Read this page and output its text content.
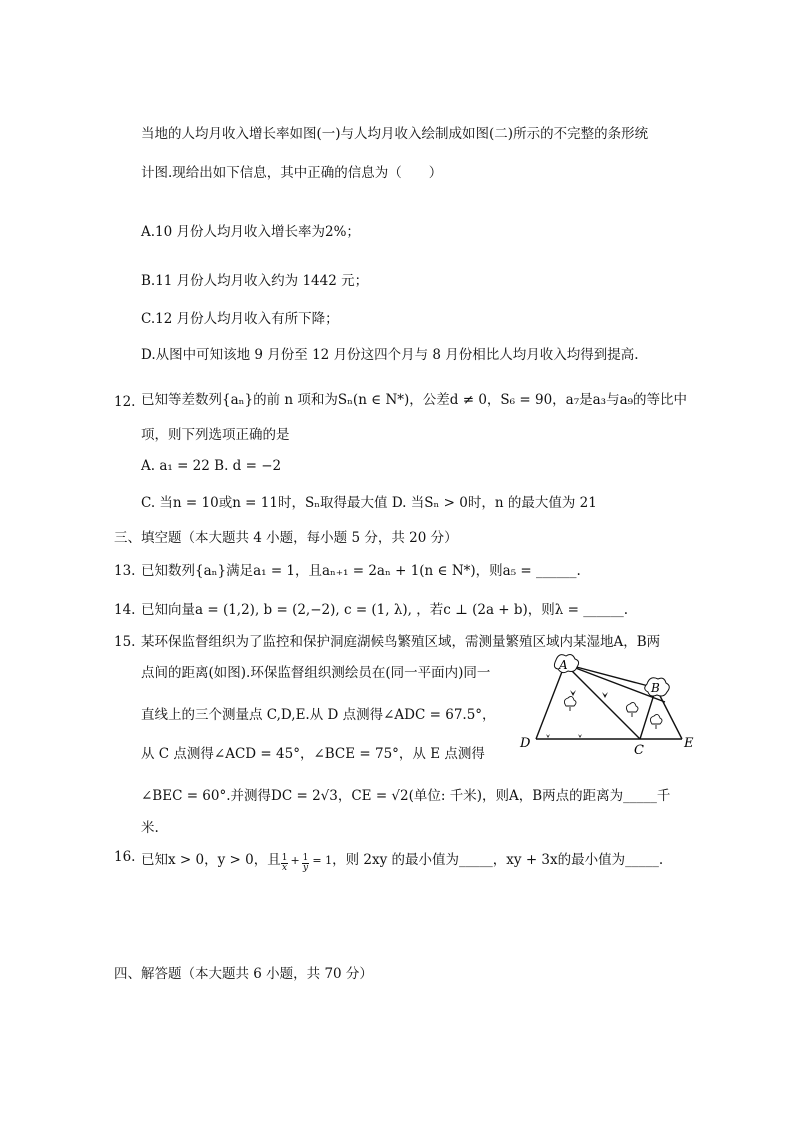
当地的人均月收入增长率如图(一)与人均月收入绘制成如图(二)所示的不完整的条形统
计图.现给出如下信息，其中正确的信息为（　　）
A.10 月份人均月收入增长率为2%；
B.11 月份人均月收入约为 1442 元；
C.12 月份人均月收入有所下降；
D.从图中可知该地 9 月份至 12 月份这四个月与 8 月份相比人均月收入均得到提高.
12. 已知等差数列{aₙ}的前 n 项和为Sₙ(n ∈ N*)，公差d ≠ 0，S₆ = 90，a₇是a₃与a₉的等比中
项，则下列选项正确的是
A. a₁ = 22 B. d = −2
C. 当n = 10或n = 11时，Sₙ取得最大值 D. 当Sₙ > 0时，n 的最大值为 21
三、填空题（本大题共 4 小题，每小题 5 分，共 20 分）
13. 已知数列{aₙ}满足a₁ = 1，且aₙ₊₁ = 2aₙ + 1(n ∈ N*)，则a₅ = ______.
14. 已知向量a = (1,2), b = (2,−2), c = (1, λ), ，若c ⊥ (2a + b)，则λ = ______.
15. 某环保监督组织为了监控和保护洞庭湖候鸟繁殖区域，需测量繁殖区域内某湿地A，B两
点间的距离(如图).环保监督组织测绘员在(同一平面内)同一
直线上的三个测量点 C,D,E.从 D 点测得∠ADC = 67.5°，
从 C 点测得∠ACD = 45°，∠BCE = 75°，从 E 点测得
∠BEC = 60°.并测得DC = 2√3，CE = √2(单位: 千米)，则A，B两点的距离为_____千
米.
A
B
D	C	E
16. 已知x > 0，y > 0，且 $\frac{1}{x} + \frac{1}{y} = 1$，则 2xy 的最小值为_____，xy + 3x的最小值为_____.
四、解答题（本大题共 6 小题，共 70 分）
